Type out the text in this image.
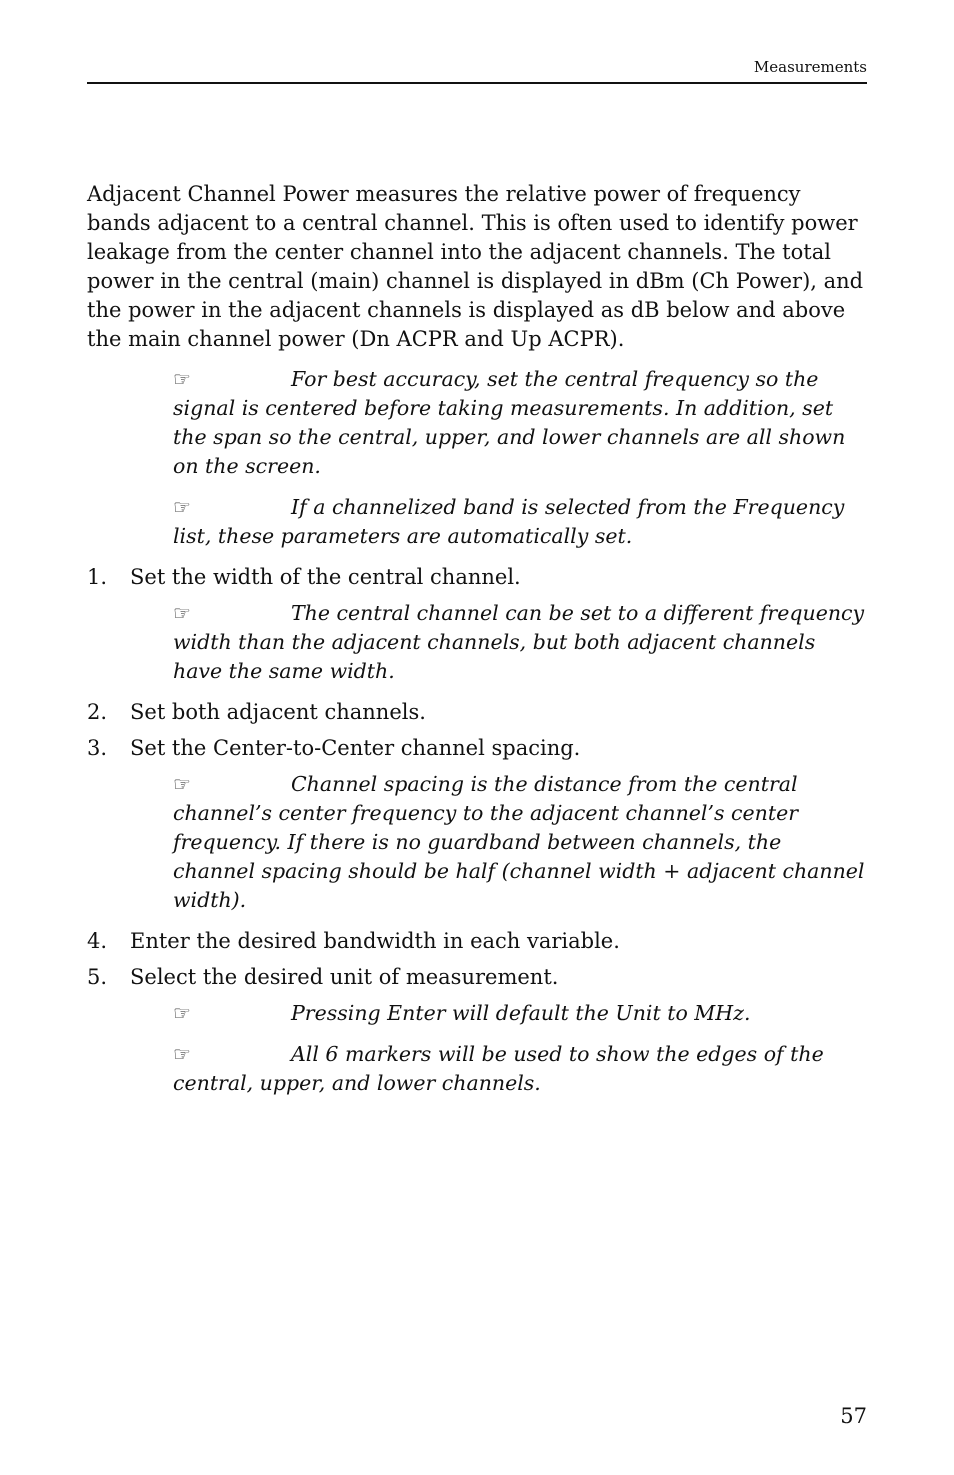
Measurements

Adjacent Channel Power measures the relative power of frequency bands adjacent to a central channel. This is often used to identify power leakage from the center channel into the adjacent channels. The total power in the central (main) channel is displayed in dBm (Ch Power), and the power in the adjacent channels is displayed as dB below and above the main channel power (Dn ACPR and Up ACPR).

☞	For best accuracy, set the central frequency so the signal is centered before taking measurements. In addition, set the span so the central, upper, and lower channels are all shown on the screen.
☞	If a channelized band is selected from the Frequency list, these parameters are automatically set.
1.	Set the width of the central channel.
☞	The central channel can be set to a different frequency width than the adjacent channels, but both adjacent channels have the same width.
2.	Set both adjacent channels.
3.	Set the Center-to-Center channel spacing.
☞	Channel spacing is the distance from the central channel’s center frequency to the adjacent channel’s center frequency. If there is no guardband between channels, the channel spacing should be half (channel width + adjacent channel width).
4.	Enter the desired bandwidth in each variable.
5.	Select the desired unit of measurement.
☞	Pressing Enter will default the Unit to MHz.
☞	All 6 markers will be used to show the edges of the central, upper, and lower channels.
57
